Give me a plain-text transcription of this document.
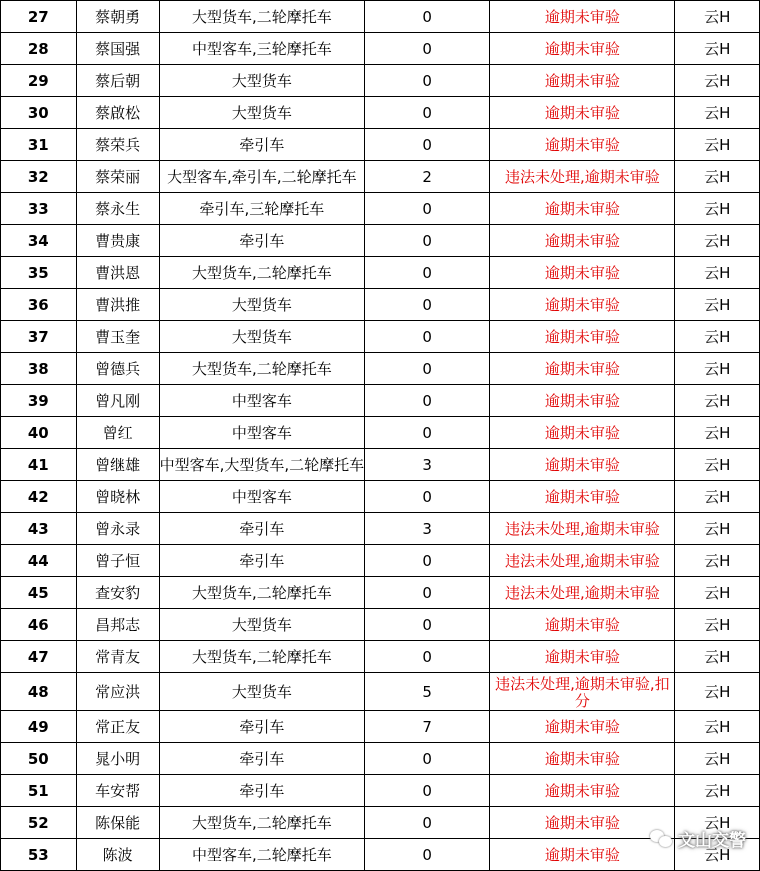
27	蔡朝勇	大型货车,二轮摩托车	0	逾期未审验	云H
28	蔡国强	中型客车,三轮摩托车	0	逾期未审验	云H
29	蔡后朝	大型货车	0	逾期未审验	云H
30	蔡啟松	大型货车	0	逾期未审验	云H
31	蔡荣兵	牵引车	0	逾期未审验	云H
32	蔡荣丽	大型客车,牵引车,二轮摩托车	2	违法未处理,逾期未审验	云H
33	蔡永生	牵引车,三轮摩托车	0	逾期未审验	云H
34	曹贵康	牵引车	0	逾期未审验	云H
35	曹洪恩	大型货车,二轮摩托车	0	逾期未审验	云H
36	曹洪推	大型货车	0	逾期未审验	云H
37	曹玉奎	大型货车	0	逾期未审验	云H
38	曾德兵	大型货车,二轮摩托车	0	逾期未审验	云H
39	曾凡刚	中型客车	0	逾期未审验	云H
40	曾红	中型客车	0	逾期未审验	云H
41	曾继雄	中型客车,大型货车,二轮摩托车	3	逾期未审验	云H
42	曾晓林	中型客车	0	逾期未审验	云H
43	曾永录	牵引车	3	违法未处理,逾期未审验	云H
44	曾子恒	牵引车	0	违法未处理,逾期未审验	云H
45	查安豹	大型货车,二轮摩托车	0	违法未处理,逾期未审验	云H
46	昌邦志	大型货车	0	逾期未审验	云H
47	常青友	大型货车,二轮摩托车	0	逾期未审验	云H
48	常应洪	大型货车	5	违法未处理,逾期未审验,扣分	云H
49	常正友	牵引车	7	逾期未审验	云H
50	晁小明	牵引车	0	逾期未审验	云H
51	车安帮	牵引车	0	逾期未审验	云H
52	陈保能	大型货车,二轮摩托车	0	逾期未审验	云H
53	陈波	中型客车,二轮摩托车	0	逾期未审验	云H
文山交警
